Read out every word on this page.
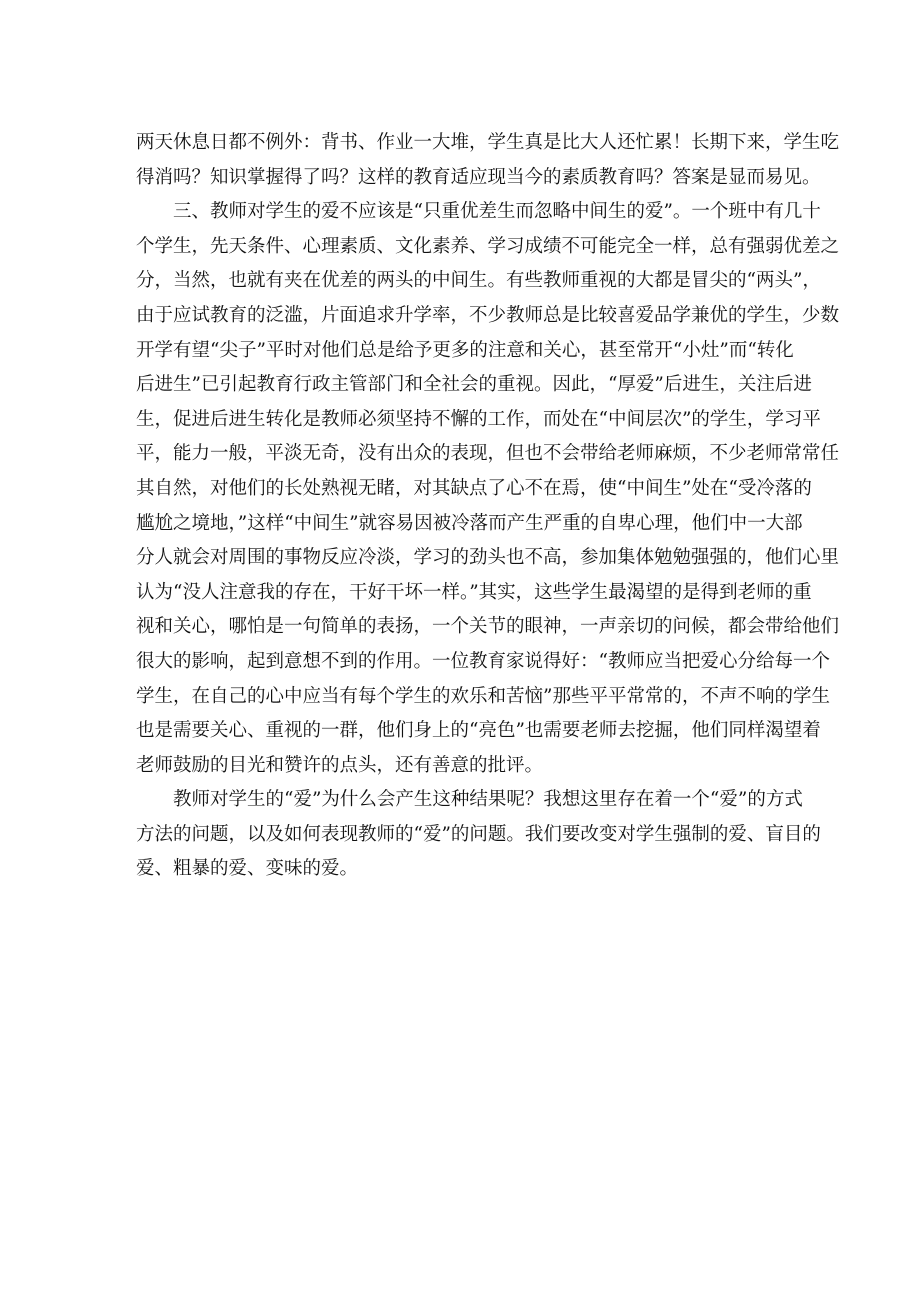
两天休息日都不例外：背书、作业一大堆，学生真是比大人还忙累！长期下来，学生吃
得消吗？知识掌握得了吗？这样的教育适应现当今的素质教育吗？答案是显而易见。
三、教师对学生的爱不应该是“只重优差生而忽略中间生的爱”。一个班中有几十
个学生，先天条件、心理素质、文化素养、学习成绩不可能完全一样，总有强弱优差之
分，当然，也就有夹在优差的两头的中间生。有些教师重视的大都是冒尖的“两头”，
由于应试教育的泛滥，片面追求升学率，不少教师总是比较喜爱品学兼优的学生，少数
开学有望“尖子”平时对他们总是给予更多的注意和关心，甚至常开“小灶”而“转化
后进生”已引起教育行政主管部门和全社会的重视。因此，“厚爱”后进生，关注后进
生，促进后进生转化是教师必须坚持不懈的工作，而处在“中间层次”的学生，学习平
平，能力一般，平淡无奇，没有出众的表现，但也不会带给老师麻烦，不少老师常常任
其自然，对他们的长处熟视无睹，对其缺点了心不在焉，使“中间生”处在“受冷落的
尴尬之境地，”这样“中间生”就容易因被冷落而产生严重的自卑心理，他们中一大部
分人就会对周围的事物反应冷淡，学习的劲头也不高，参加集体勉勉强强的，他们心里
认为“没人注意我的存在，干好干坏一样。”其实，这些学生最渴望的是得到老师的重
视和关心，哪怕是一句简单的表扬，一个关节的眼神，一声亲切的问候，都会带给他们
很大的影响，起到意想不到的作用。一位教育家说得好：“教师应当把爱心分给每一个
学生，在自己的心中应当有每个学生的欢乐和苦恼”那些平平常常的，不声不响的学生
也是需要关心、重视的一群，他们身上的“亮色”也需要老师去挖掘，他们同样渴望着
老师鼓励的目光和赞许的点头，还有善意的批评。
教师对学生的“爱”为什么会产生这种结果呢？我想这里存在着一个“爱”的方式
方法的问题，以及如何表现教师的“爱”的问题。我们要改变对学生强制的爱、盲目的
爱、粗暴的爱、变味的爱。
